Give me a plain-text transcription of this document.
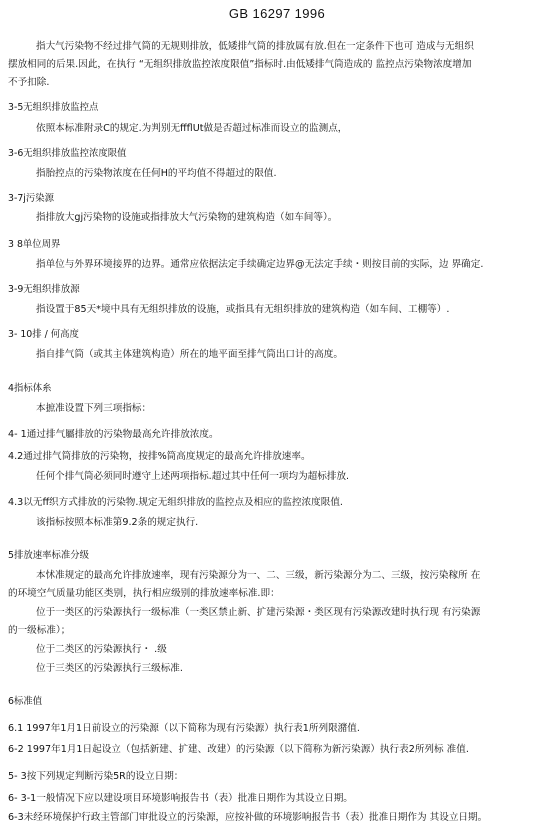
GB 16297 1996
指大气污染物不经过排气筒的无规则排放，低矮排气筒的排放属有放.但在一定条件下也可 造成与无组织
摆放相同的后果.因此，在执行 “无组织排放监控浓度限值”指标时.由低矮排气筒造成的 监控点污染物浓度增加
不予扣除.
3-5无组织排放监控点
依照本标准附录C的规定.为判别无ffflUt做是否超过标准而设立的监测点，
3-6无组织排放监控浓度限值
指胎控点的污染物浓度在任何H的平均值不得超过的限值.
3-7j污染源
指排放大gj污染物的设施或指排放大气污染物的建筑构造（如车间等）。
3 8单位周界
指单位与外界环境接界的边界。通常应依据法定手续确定边界@无法定手续・则按目前的实际，边 界确定.
3-9无组织排放源
指设置于85天*境中具有无组织排放的设施，或指具有无组织排放的建筑构造（如车间、工棚等）.
3- 10排 / 何高度
指自排气筒（或其主体建筑构造）所在的地平面至排气筒出口计的高度。
4指标体糸
本摭准设置下列三项指标：
4- 1通过排气屬排放的污染物最高允许排放浓度。
4.2通过排气筒排放的污染物，按排%筒高度规定的最高允许排放速率。
任何个排气筒必须同时遵守上述两项指标.超过其中任何一项均为超标排放.
4.3以无ff织方式排放的污染物.规定无组织排放的监控点及相应的监控浓度限值.
该指标按照本标准第9.2条的规定执行.
5排放速率标准分级
本怵准规定的最高允许排放速率，现有污染源分为一、二、三级，新污染源分为二、三级，按污染稼所 在
的环境空气质量功能区类别，执行相应级别的排放速率标准.即：
位于一类区的污染源执行一级标准（一类区禁止新、扩建污染源・类区现有污染源改建时执行现 有污染源
的一级标准）；
位于二类区的污染源执行・ .级
位于三类区的污染源执行三级标准.
6标准值
6.1 1997年1月1日前设立的污染源（以下简称为现有污染源）执行表1所列限潴值.
6-2 1997年1月1日起设立（包括新建、扩建、改建）的污染源（以下简称为新污染源）执行表2所列标 准值.
5- 3按下列规定判断污染5R的设立日期：
6- 3-1一般情况下应以建设项目环境影响报告书（表）批准日期作为其设立日期。
6-3未经环境保护行政主管部门审批设立的污染源，应按补做的环境影响报告书（表）批准日期作为 其设立日期。
